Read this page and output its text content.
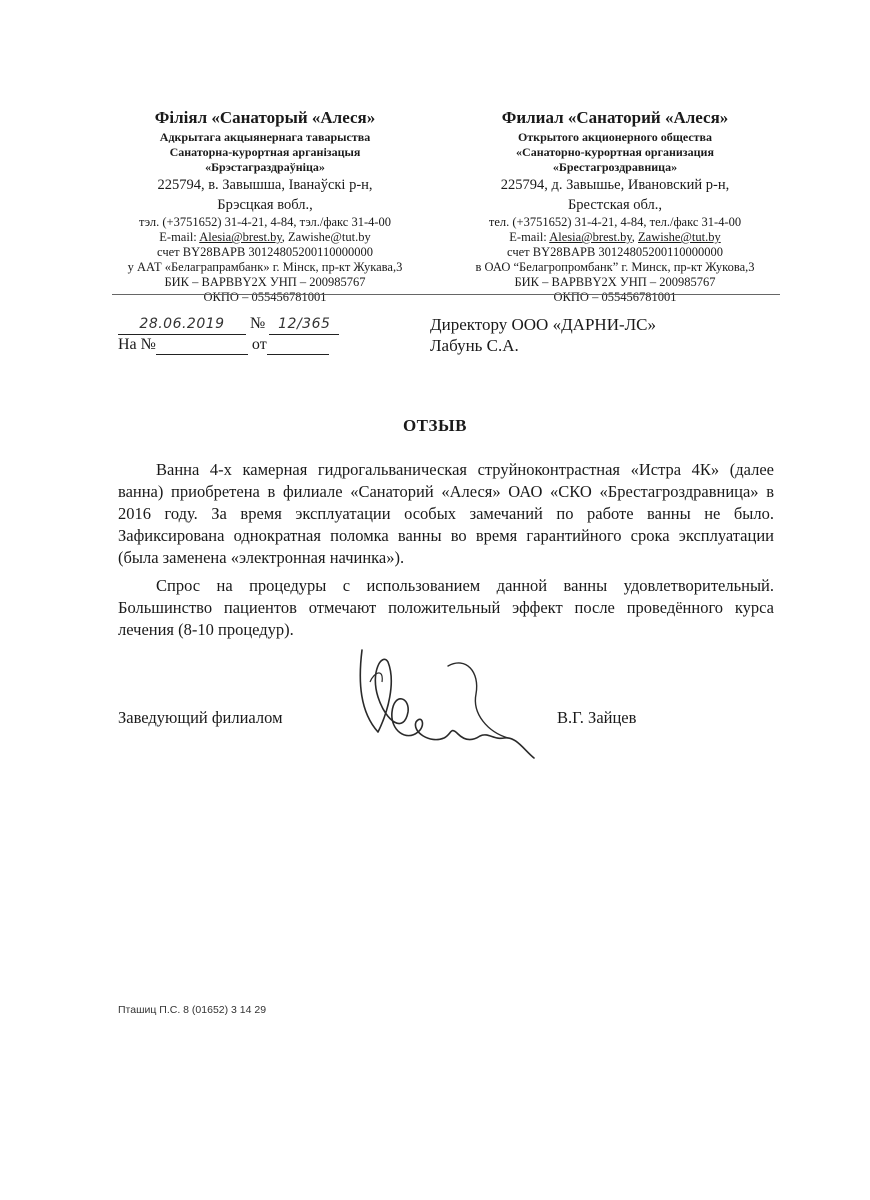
Філіял «Санаторый «Алеся»
Адкрытага акцыянернага таварыства
Санаторна-курортная арганізацыя
«Брэстаграздраўніца»
225794, в. Завышша, Іванаўскі р-н,
Брэсцкая вобл.,
тэл. (+3751652) 31-4-21, 4-84, тэл./факс 31-4-00
E-mail: Alesia@brest.by, Zawishe@tut.by
счет BY28BAPB 30124805200110000000
у ААТ «Белаграпрамбанк» г. Мінск, пр-кт Жукава,3
БИК – BAPBBY2X УНП – 200985767
ОКПО – 055456781001
Филиал «Санаторий «Алеся»
Открытого акционерного общества
«Санаторно-курортная организация
«Брестагроздравница»
225794, д. Завышье, Ивановский р-н,
Брестская обл.,
тел. (+3751652) 31-4-21, 4-84, тел./факс 31-4-00
E-mail: Alesia@brest.by, Zawishe@tut.by
счет BY28BAPB 30124805200110000000
в ОАО “Белагропромбанк” г. Минск, пр-кт Жукова,3
БИК – BAPBBY2X УНП – 200985767
ОКПО – 055456781001
28.06.2019 № 12/365
На №	от
Директору ООО «ДАРНИ-ЛС»
Лабунь С.А.
ОТЗЫВ

Ванна 4-х камерная гидрогальваническая струйноконтрастная «Истра 4К» (далее ванна) приобретена в филиале «Санаторий «Алеся» ОАО «СКО «Брестагроздравница» в 2016 году. За время эксплуатации особых замечаний по работе ванны не было. Зафиксирована однократная поломка ванны во время гарантийного срока эксплуатации (была заменена «электронная начинка»).

Спрос на процедуры с использованием данной ванны удовлетворительный. Большинство пациентов отмечают положительный эффект после проведённого курса лечения (8-10 процедур).

Заведующий филиалом	В.Г. Зайцев
Пташиц П.С. 8 (01652) 3 14 29
